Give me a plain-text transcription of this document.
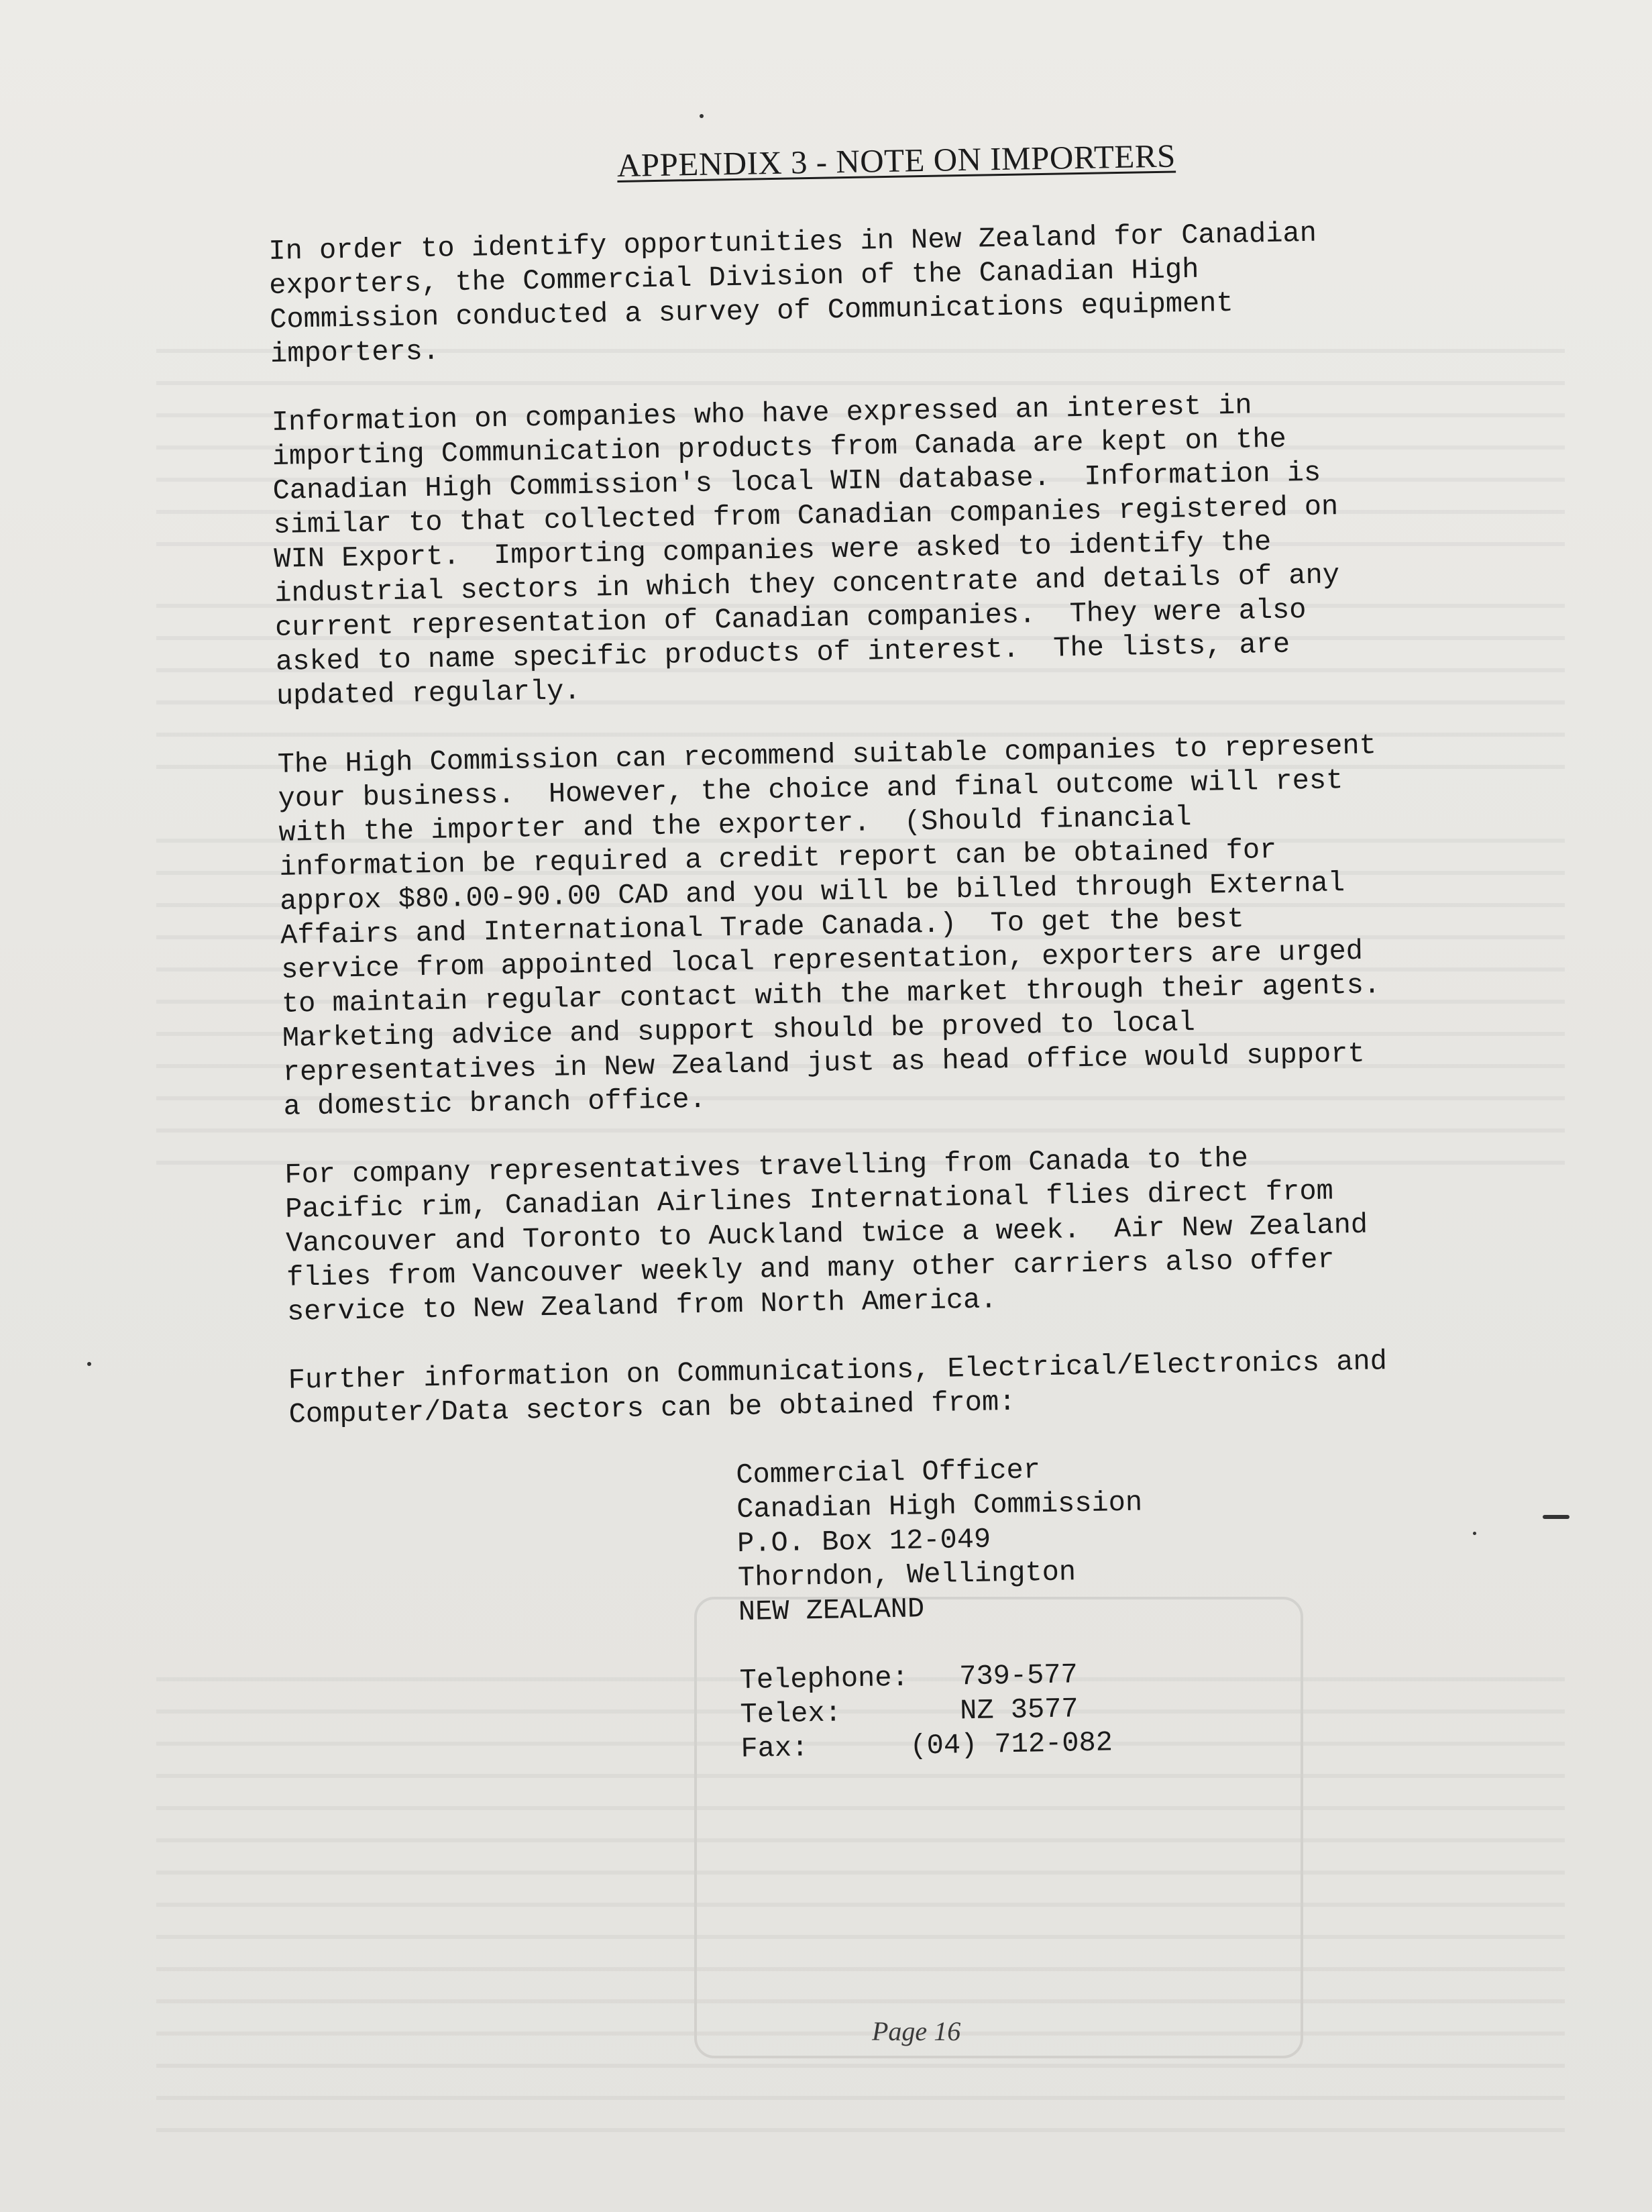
APPENDIX 3 - NOTE ON IMPORTERS
In order to identify opportunities in New Zealand for Canadian
exporters, the Commercial Division of the Canadian High
Commission conducted a survey of Communications equipment
importers.
Information on companies who have expressed an interest in
importing Communication products from Canada are kept on the
Canadian High Commission's local WIN database.  Information is
similar to that collected from Canadian companies registered on
WIN Export.  Importing companies were asked to identify the
industrial sectors in which they concentrate and details of any
current representation of Canadian companies.  They were also
asked to name specific products of interest.  The lists, are
updated regularly.
The High Commission can recommend suitable companies to represent
your business.  However, the choice and final outcome will rest
with the importer and the exporter.  (Should financial
information be required a credit report can be obtained for
approx $80.00-90.00 CAD and you will be billed through External
Affairs and International Trade Canada.)  To get the best
service from appointed local representation, exporters are urged
to maintain regular contact with the market through their agents.
Marketing advice and support should be proved to local
representatives in New Zealand just as head office would support
a domestic branch office.
For company representatives travelling from Canada to the
Pacific rim, Canadian Airlines International flies direct from
Vancouver and Toronto to Auckland twice a week.  Air New Zealand
flies from Vancouver weekly and many other carriers also offer
service to New Zealand from North America.
Further information on Communications, Electrical/Electronics and
Computer/Data sectors can be obtained from:
Commercial Officer
Canadian High Commission
P.O. Box 12-049
Thorndon, Wellington
NEW ZEALAND
Telephone:   739-577
Telex:       NZ 3577
Fax:      (04) 712-082
Page 16
